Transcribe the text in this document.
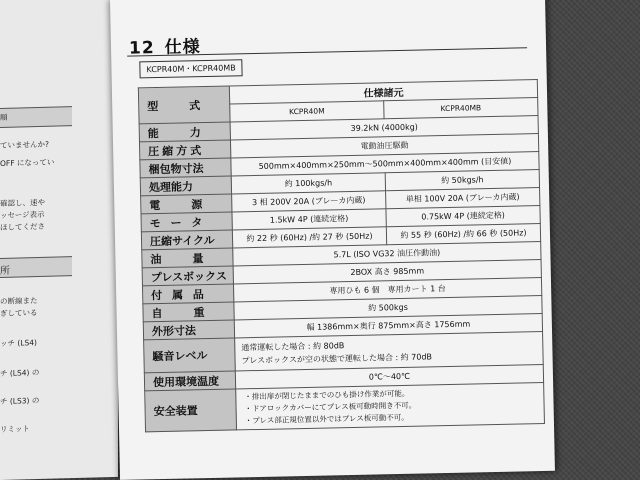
順
ていませんか?
OFF になってい
確認し、速や
ッセージ表示
ほしてくださ
所
の断線また
ぎしている
ッチ (LS4)
チ (LS4) の
チ (LS3) の
リミット
12 仕様
KCPR40M・KCPR40MB
型　　式	仕様諸元	
	KCPR40M	KCPR40MB
能　　力	39.2kN (4000kg)	
圧縮方式	電動油圧駆動	
梱包物寸法	500mm×400mm×250mm〜500mm×400mm×400mm (目安値)	
処理能力	約 100kgs/h	約 50kgs/h
電　　源	3 相 200V 20A (ブレーカ内蔵)	単相 100V 20A (ブレーカ内蔵)
モ ー タ	1.5kW 4P (連続定格)	0.75kW 4P (連続定格)
圧縮サイクル	約 22 秒 (60Hz) /約 27 秒 (50Hz)	約 55 秒 (60Hz) /約 66 秒 (50Hz)
油　　量	5.7L (ISO VG32 油圧作動油)	
プレスボックス	2BOX 高さ 985mm	
付 属 品	専用ひも 6 個　専用カート 1 台	
自　　重	約 500kgs	
外形寸法	幅 1386mm×奥行 875mm×高さ 1756mm	
騒音レベル	通常運転した場合 : 約 80dB
プレスボックスが空の状態で運転した場合 : 約 70dB	

使用環境温度	0℃〜40℃	
安全装置	・排出扉が閉じたままでのひも掛け作業が可能。
・ドアロックカバーにてプレス板可動時開き不可。
・プレス部正規位置以外ではプレス板可動不可。	
